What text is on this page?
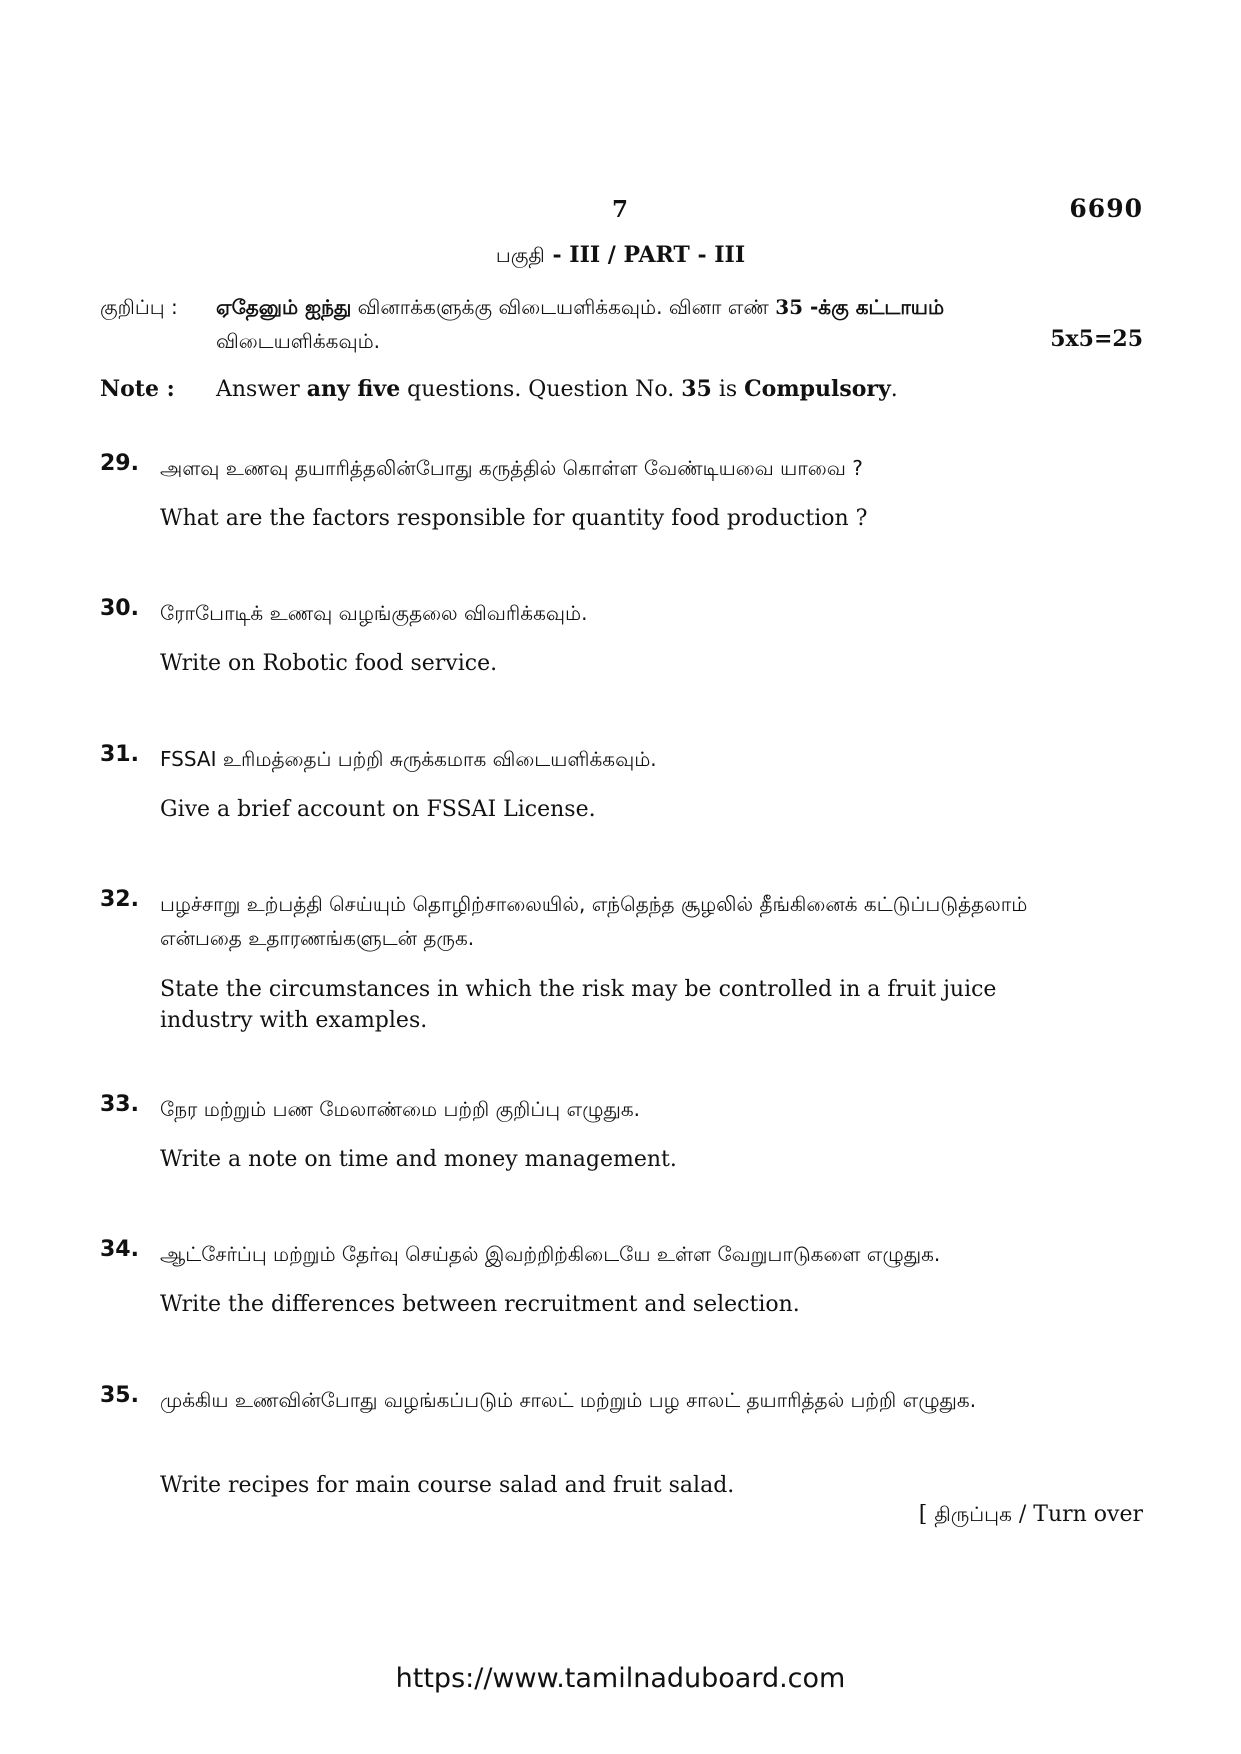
7	6690
பகுதி - III / PART - III
குறிப்பு : ஏதேனும் ஐந்து வினாக்களுக்கு விடையளிக்கவும். வினா எண் 35 -க்கு கட்டாயம்
விடையளிக்கவும்.	5x5=25
Note : Answer any five questions. Question No. 35 is Compulsory.
29. அளவு உணவு தயாரித்தலின்போது கருத்தில் கொள்ள வேண்டியவை யாவை ?
What are the factors responsible for quantity food production ?
30. ரோபோடிக் உணவு வழங்குதலை விவரிக்கவும்.
Write on Robotic food service.
31. FSSAI உரிமத்தைப் பற்றி சுருக்கமாக விடையளிக்கவும்.
Give a brief account on FSSAI License.
32. பழச்சாறு உற்பத்தி செய்யும் தொழிற்சாலையில், எந்தெந்த சூழலில் தீங்கினைக் கட்டுப்படுத்தலாம் என்பதை உதாரணங்களுடன் தருக.
State the circumstances in which the risk may be controlled in a fruit juice industry with examples.
33. நேர மற்றும் பண மேலாண்மை பற்றி குறிப்பு எழுதுக.
Write a note on time and money management.
34. ஆட்சேர்ப்பு மற்றும் தேர்வு செய்தல் இவற்றிற்கிடையே உள்ள வேறுபாடுகளை எழுதுக.
Write the differences between recruitment and selection.
35. முக்கிய உணவின்போது வழங்கப்படும் சாலட் மற்றும் பழ சாலட் தயாரித்தல் பற்றி எழுதுக.
Write recipes for main course salad and fruit salad.
[ திருப்புக / Turn over
https://www.tamilnaduboard.com
